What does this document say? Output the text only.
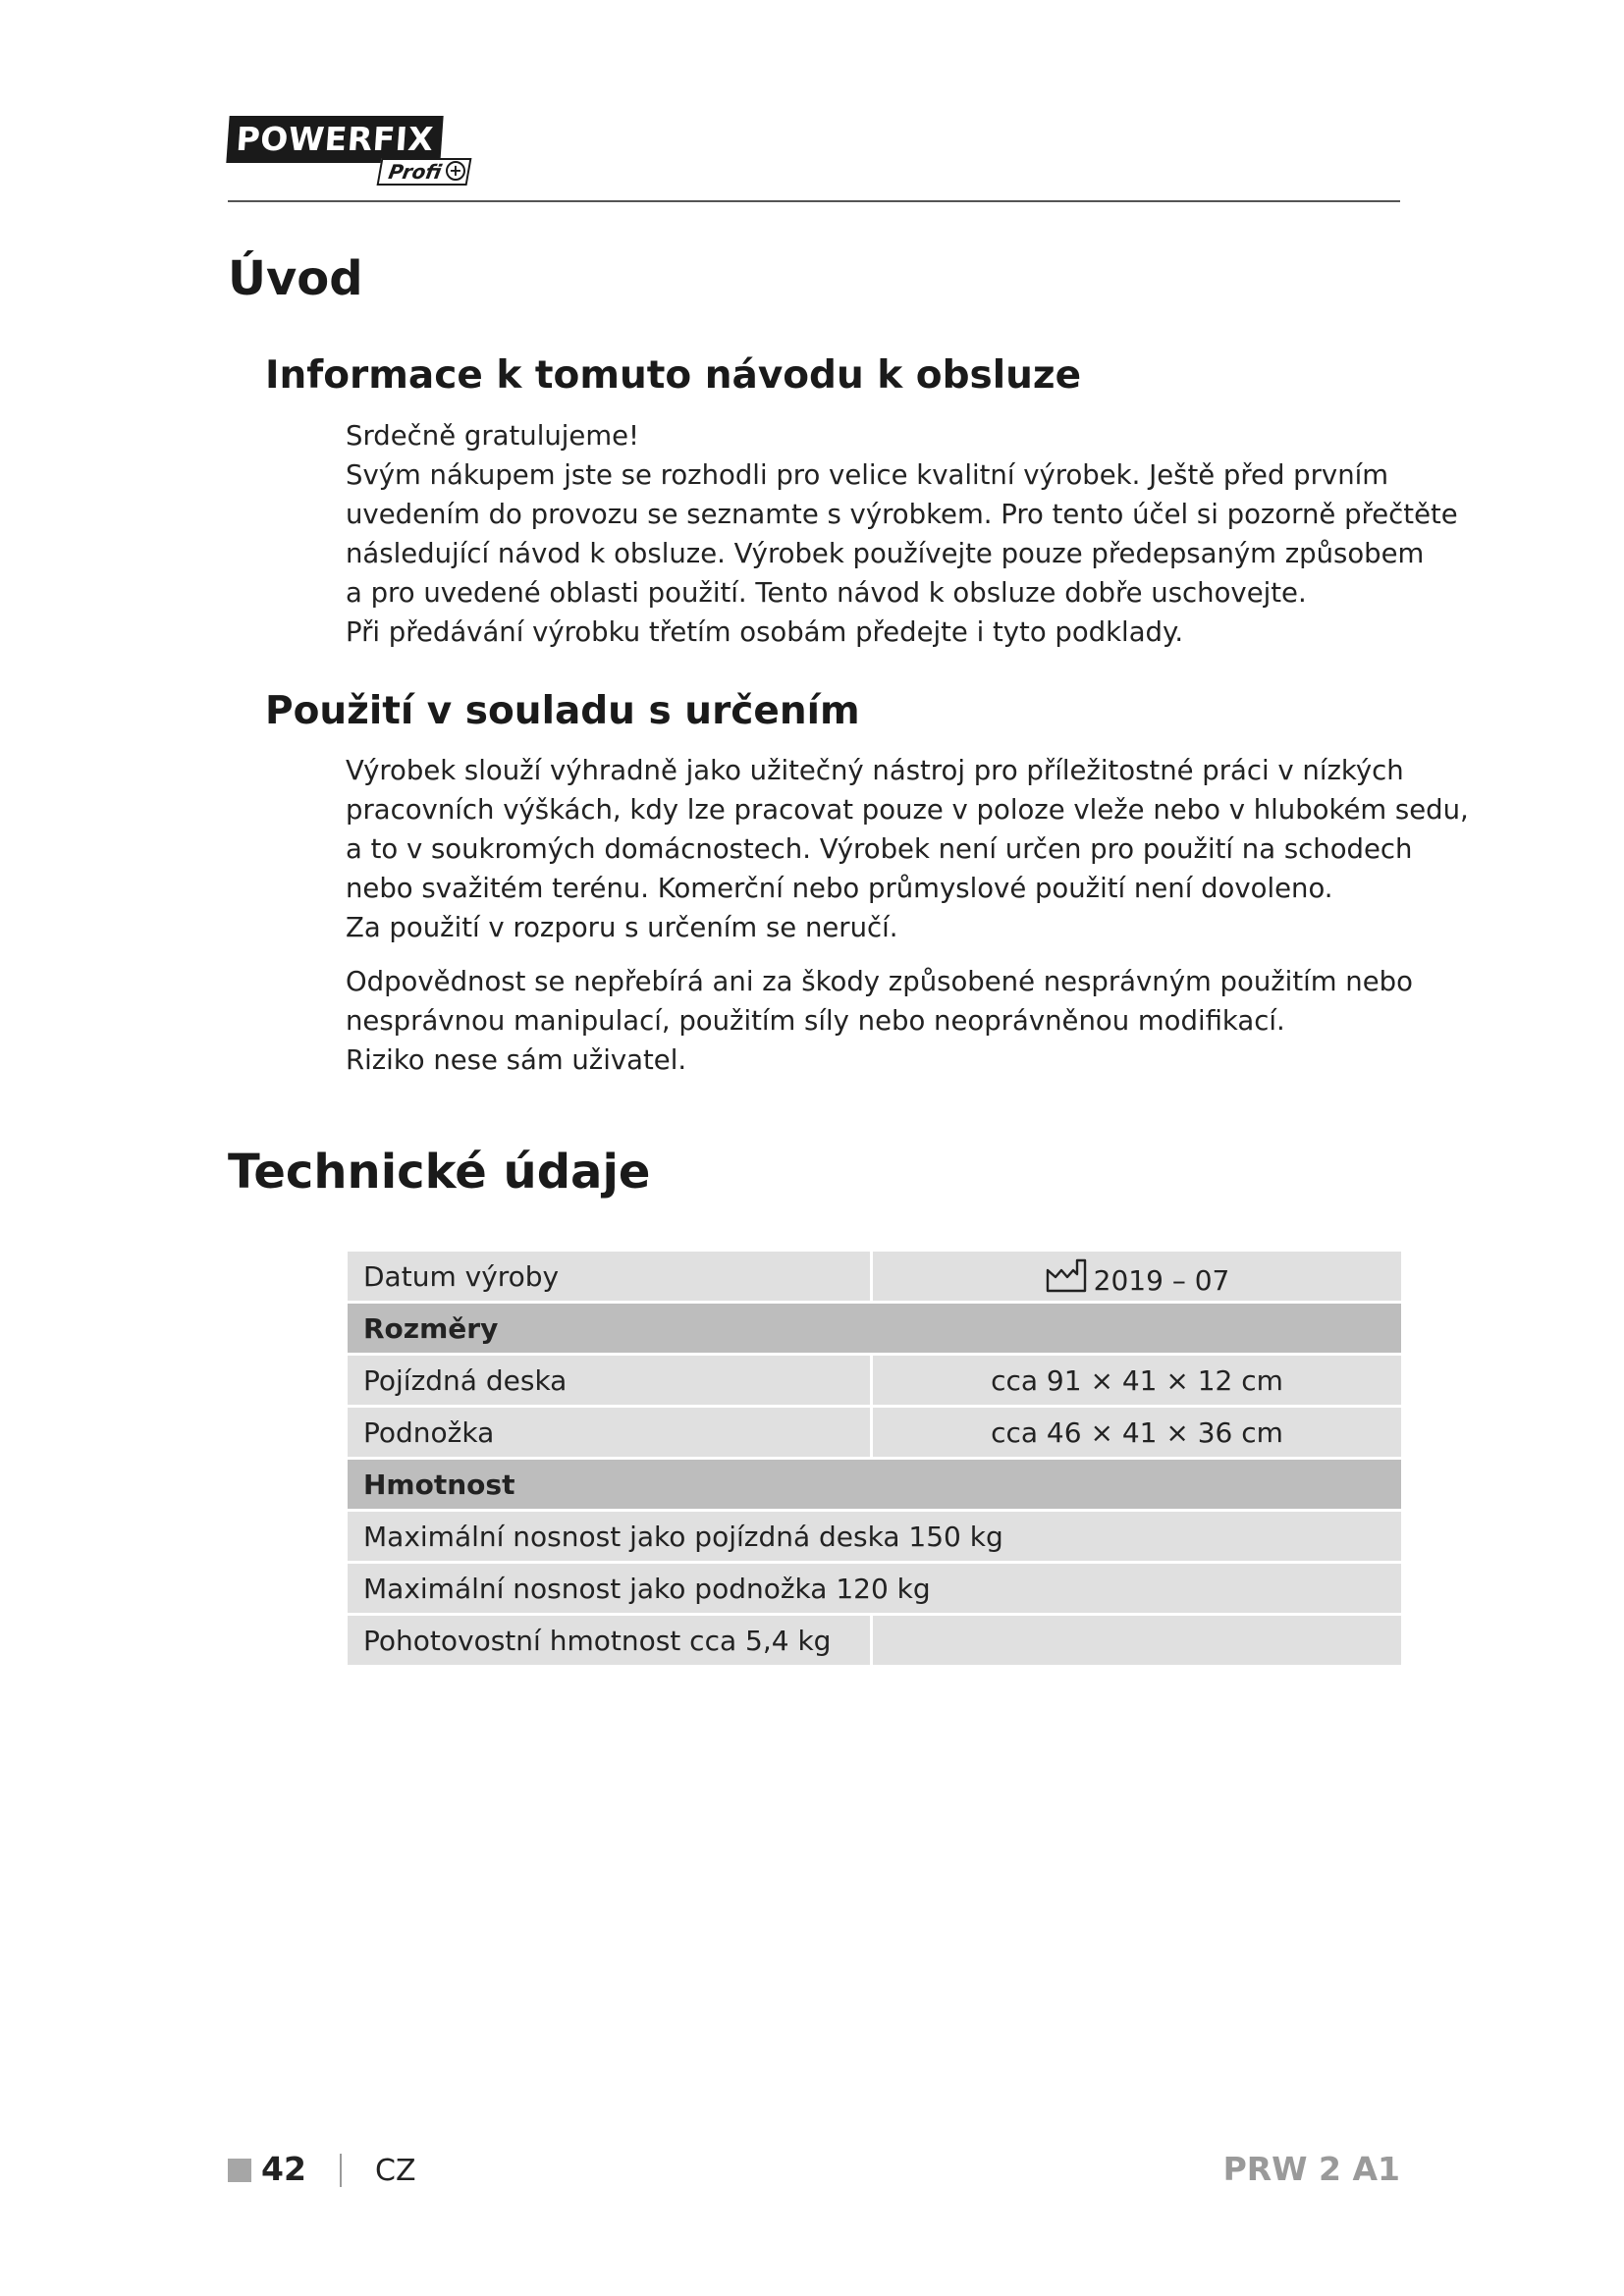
POWERFIX
Profi +
Úvod
Informace k tomuto návodu k obsluze
Srdečně gratulujeme!
Svým nákupem jste se rozhodli pro velice kvalitní výrobek. Ještě před prvním
uvedením do provozu se seznamte s výrobkem. Pro tento účel si pozorně přečtěte
následující návod k obsluze. Výrobek používejte pouze předepsaným způsobem
a pro uvedené oblasti použití. Tento návod k obsluze dobře uschovejte.
Při předávání výrobku třetím osobám předejte i tyto podklady.
Použití v souladu s určením
Výrobek slouží výhradně jako užitečný nástroj pro příležitostné práci v nízkých
pracovních výškách, kdy lze pracovat pouze v poloze vleže nebo v hlubokém sedu,
a to v soukromých domácnostech. Výrobek není určen pro použití na schodech
nebo svažitém terénu. Komerční nebo průmyslové použití není dovoleno.
Za použití v rozporu s určením se neručí.
Odpovědnost se nepřebírá ani za škody způsobené nesprávným použitím nebo
nesprávnou manipulací, použitím síly nebo neoprávněnou modifikací.
Riziko nese sám uživatel.
Technické údaje
Datum výroby	2019 – 07
Rozměry	
Pojízdná deska	cca 91 × 41 × 12 cm
Podnožka	cca 46 × 41 × 36 cm
Hmotnost	
Maximální nosnost jako pojízdná deska 150 kg	
Maximální nosnost jako podnožka 120 kg	
Pohotovostní hmotnost cca 5,4 kg	
42 CZ	PRW 2 A1
